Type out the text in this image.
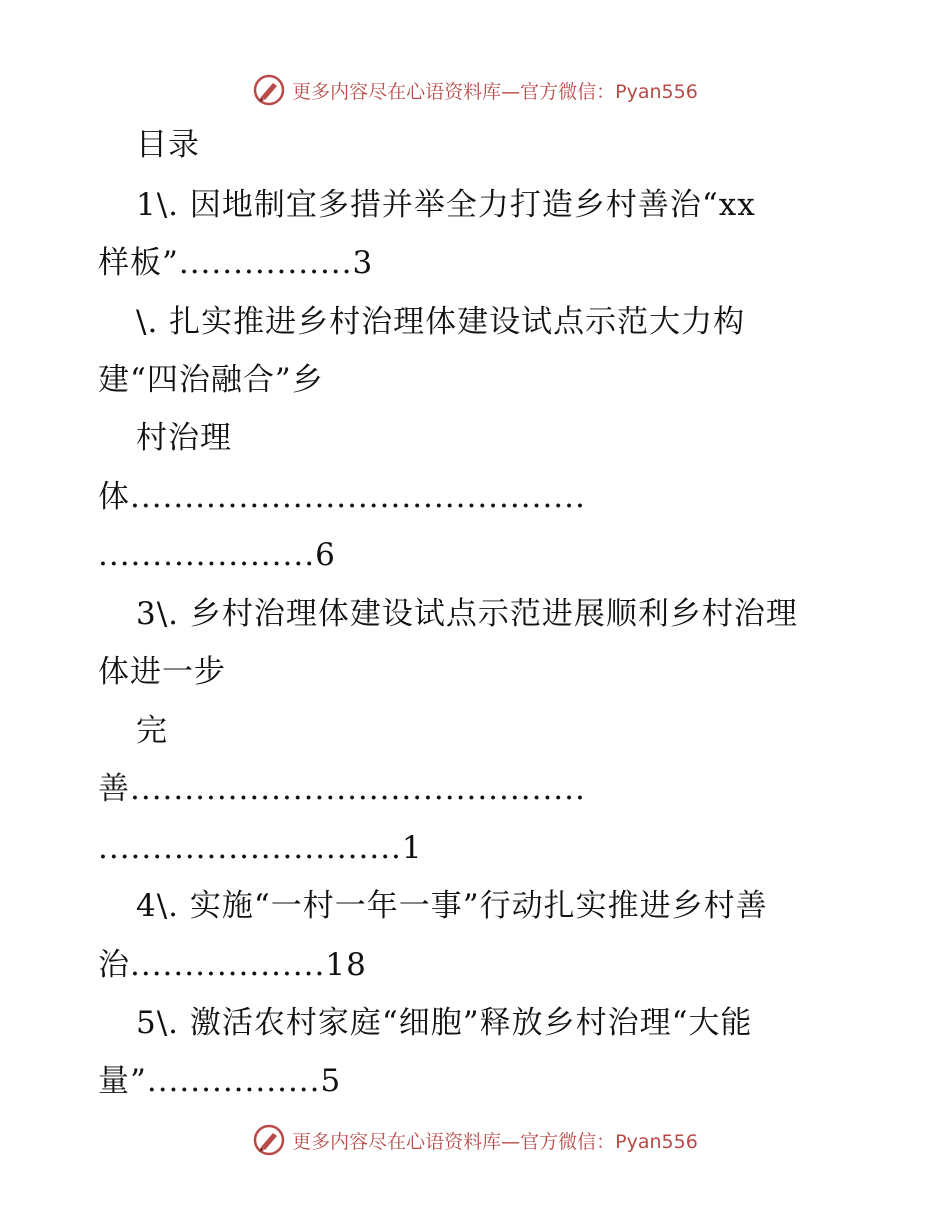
更多内容尽在心语资料库—官方微信：Pyan556
目录
1\. 因地制宜多措并举全力打造乡村善治“xx
样板”................3
\. 扎实推进乡村治理体建设试点示范大力构
建“四治融合”乡
村治理
体..........................................
....................6
3\. 乡村治理体建设试点示范进展顺利乡村治理
体进一步
完
善..........................................
............................1
4\. 实施“一村一年一事”行动扎实推进乡村善
治..................18
5\. 激活农村家庭“细胞”释放乡村治理“大能
量”................5
更多内容尽在心语资料库—官方微信：Pyan556
